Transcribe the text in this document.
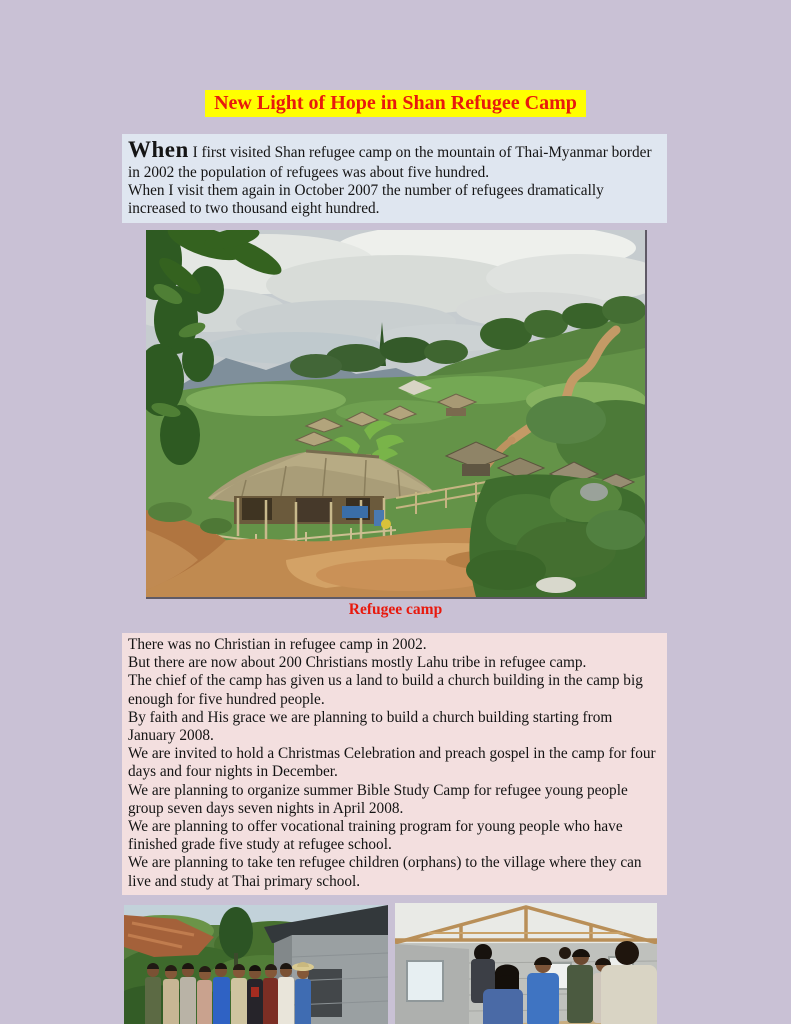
New Light of Hope in Shan Refugee Camp

When I first visited Shan refugee camp on the mountain of Thai-Myanmar border in 2002 the population of refugees was about five hundred.

When I visit them again in October 2007 the number of refugees dramatically increased to two thousand eight hundred.

Refugee camp

There was no Christian in refugee camp in 2002.

But there are now about 200 Christians mostly Lahu tribe in refugee camp.

The chief of the camp has given us a land to build a church building in the camp big enough for five hundred people.

By faith and His grace we are planning to build a church building starting from January 2008.

We are invited to hold a Christmas Celebration and preach gospel in the camp for four days and four nights in December.

We are planning to organize summer Bible Study Camp for refugee young people group seven days seven nights in April 2008.

We are planning to offer vocational training program for young people who have finished grade five study at refugee school.

We are planning to take ten refugee children (orphans) to the village where they can live and study at Thai primary school.
